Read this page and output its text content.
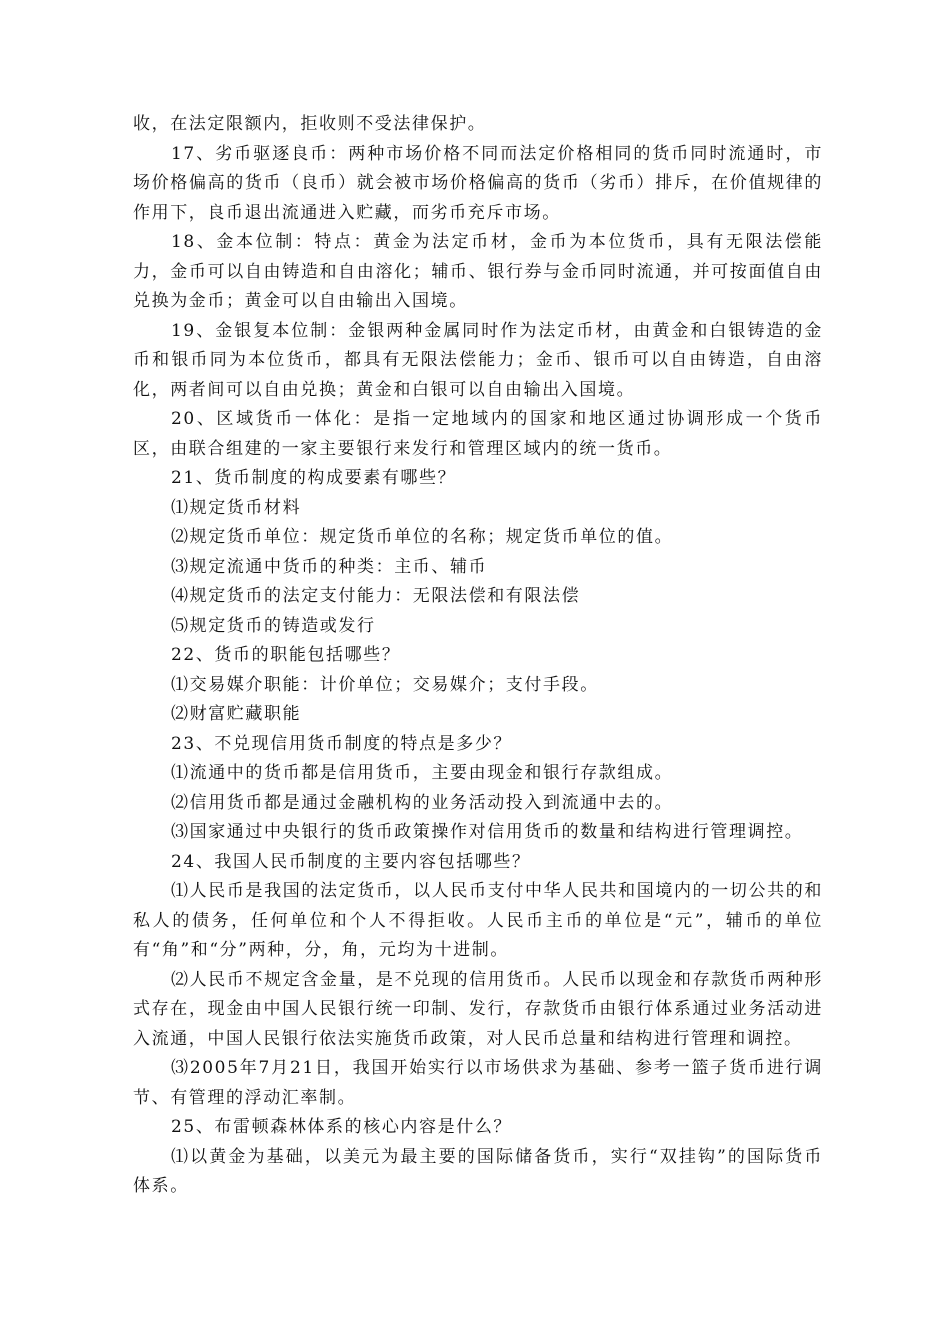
收，在法定限额内，拒收则不受法律保护。

17、劣币驱逐良币：两种市场价格不同而法定价格相同的货币同时流通时，市场价格偏高的货币（良币）就会被市场价格偏高的货币（劣币）排斥，在价值规律的作用下，良币退出流通进入贮藏，而劣币充斥市场。

18、金本位制：特点：黄金为法定币材，金币为本位货币，具有无限法偿能力，金币可以自由铸造和自由溶化；辅币、银行券与金币同时流通，并可按面值自由兑换为金币；黄金可以自由输出入国境。

19、金银复本位制：金银两种金属同时作为法定币材，由黄金和白银铸造的金币和银币同为本位货币，都具有无限法偿能力；金币、银币可以自由铸造，自由溶化，两者间可以自由兑换；黄金和白银可以自由输出入国境。

20、区域货币一体化：是指一定地域内的国家和地区通过协调形成一个货币区，由联合组建的一家主要银行来发行和管理区域内的统一货币。

21、货币制度的构成要素有哪些？

⑴规定货币材料

⑵规定货币单位：规定货币单位的名称；规定货币单位的值。

⑶规定流通中货币的种类：主币、辅币

⑷规定货币的法定支付能力：无限法偿和有限法偿

⑸规定货币的铸造或发行

22、货币的职能包括哪些？

⑴交易媒介职能：计价单位；交易媒介；支付手段。

⑵财富贮藏职能

23、不兑现信用货币制度的特点是多少？

⑴流通中的货币都是信用货币，主要由现金和银行存款组成。

⑵信用货币都是通过金融机构的业务活动投入到流通中去的。

⑶国家通过中央银行的货币政策操作对信用货币的数量和结构进行管理调控。

24、我国人民币制度的主要内容包括哪些？

⑴人民币是我国的法定货币，以人民币支付中华人民共和国境内的一切公共的和私人的债务，任何单位和个人不得拒收。人民币主币的单位是“元”，辅币的单位有“角”和“分”两种，分，角，元均为十进制。

⑵人民币不规定含金量，是不兑现的信用货币。人民币以现金和存款货币两种形式存在，现金由中国人民银行统一印制、发行，存款货币由银行体系通过业务活动进入流通，中国人民银行依法实施货币政策，对人民币总量和结构进行管理和调控。

⑶2005年7月21日，我国开始实行以市场供求为基础、参考一篮子货币进行调节、有管理的浮动汇率制。

25、布雷顿森林体系的核心内容是什么？

⑴以黄金为基础，以美元为最主要的国际储备货币，实行“双挂钩”的国际货币体系。
